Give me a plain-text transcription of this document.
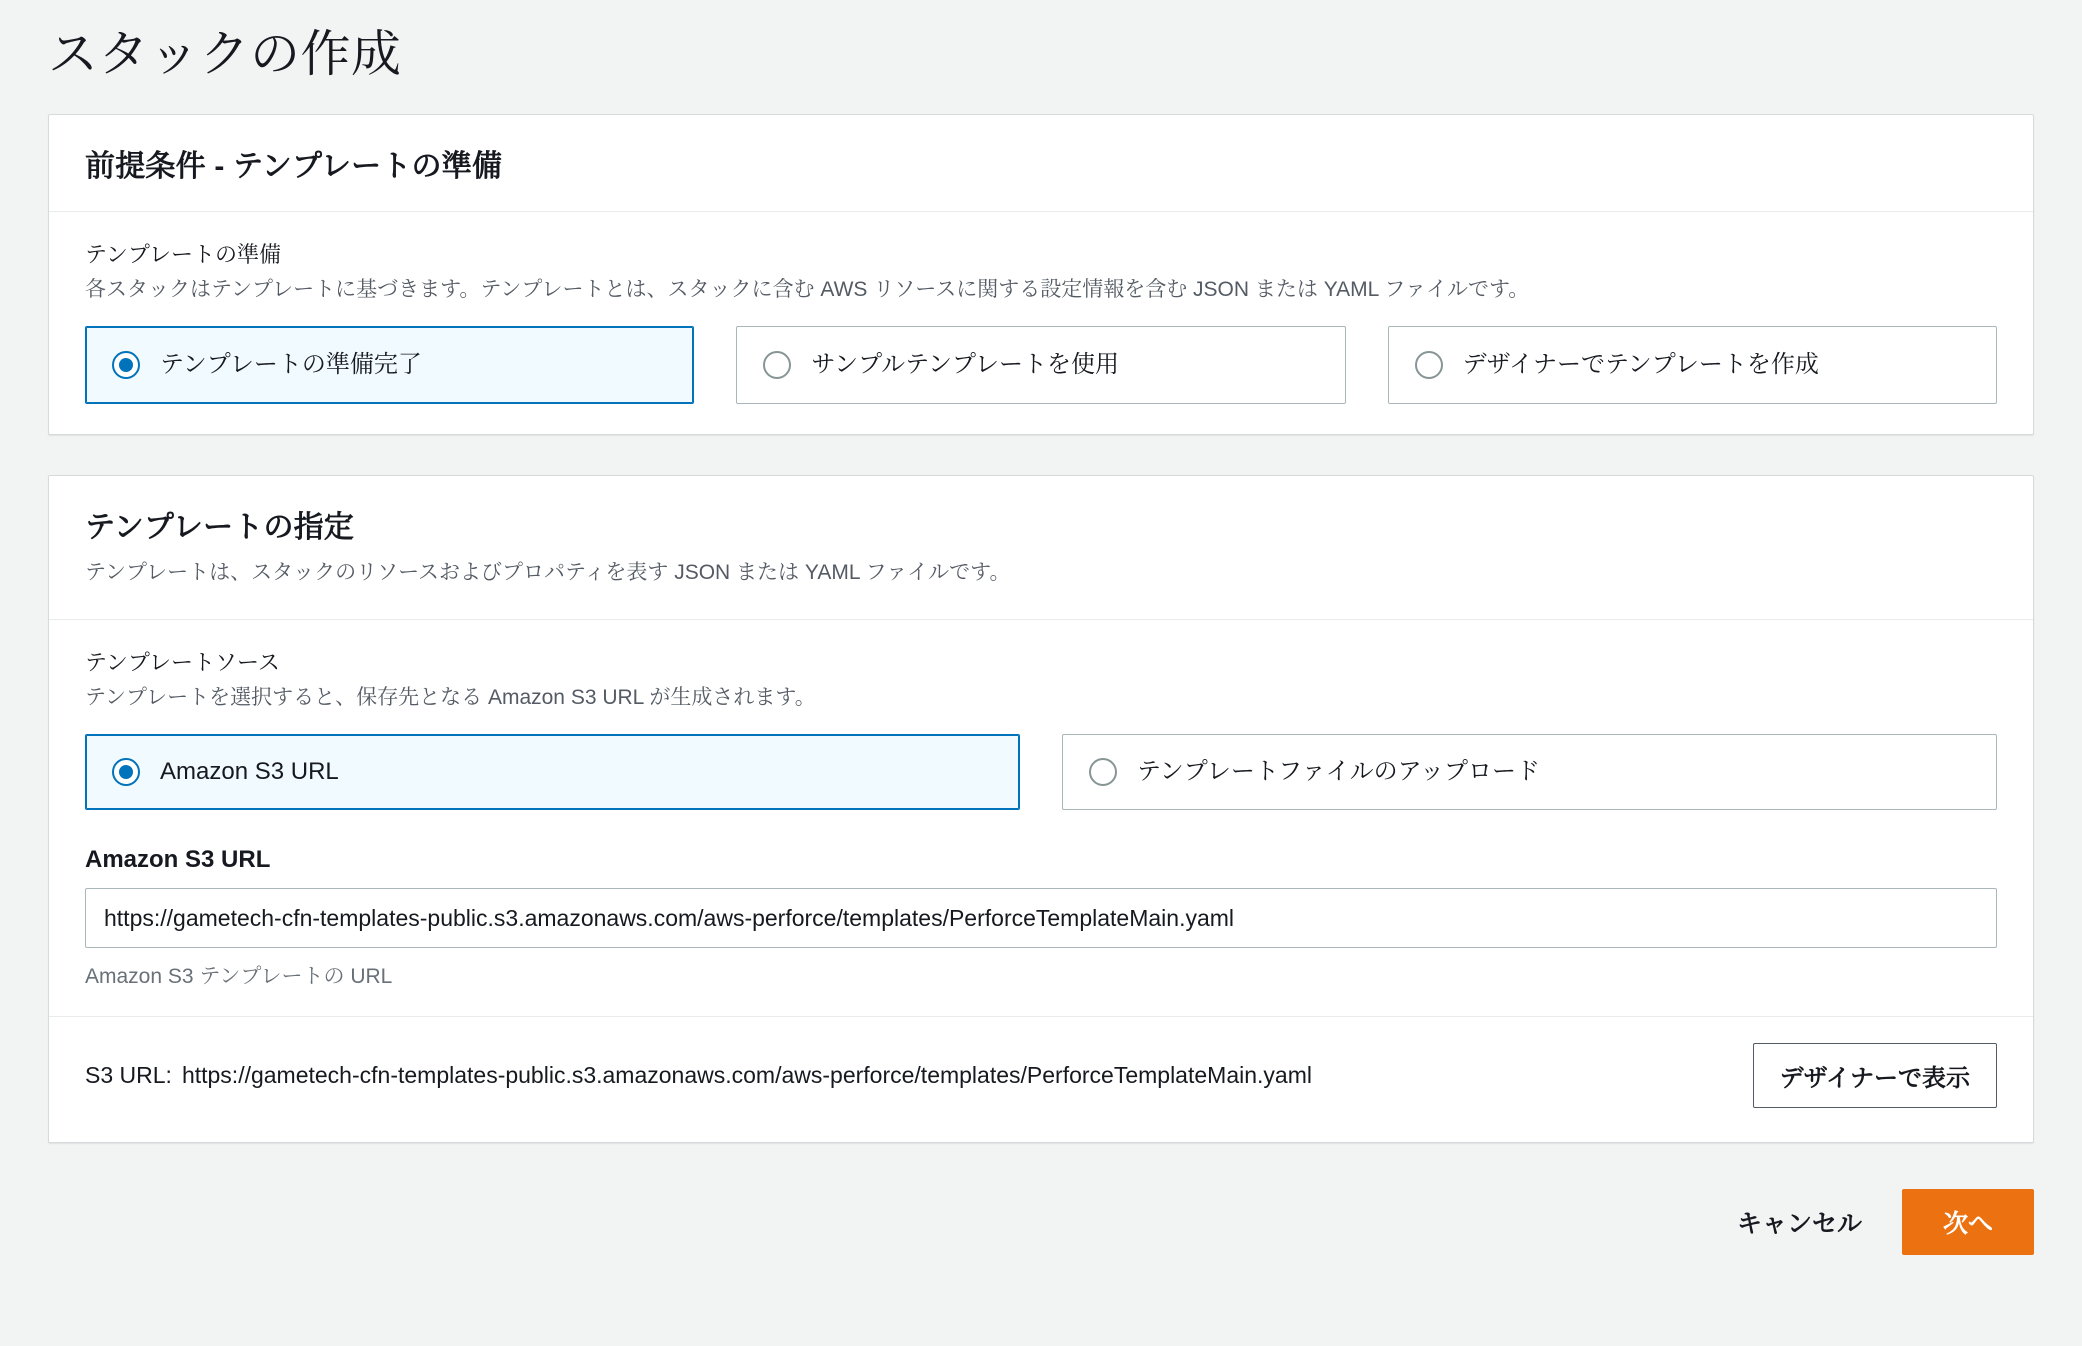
スタックの作成
前提条件 - テンプレートの準備

テンプレートの準備

各スタックはテンプレートに基づきます。テンプレートとは、スタックに含む AWS リソースに関する設定情報を含む JSON または YAML ファイルです。

テンプレートの準備完了	サンプルテンプレートを使用	デザイナーでテンプレートを作成
テンプレートの指定

テンプレートは、スタックのリソースおよびプロパティを表す JSON または YAML ファイルです。

テンプレートソース

テンプレートを選択すると、保存先となる Amazon S3 URL が生成されます。

Amazon S3 URL	テンプレートファイルのアップロード

Amazon S3 URL

https://gametech-cfn-templates-public.s3.amazonaws.com/aws-perforce/templates/PerforceTemplateMain.yaml

Amazon S3 テンプレートの URL

S3 URL: https://gametech-cfn-templates-public.s3.amazonaws.com/aws-perforce/templates/PerforceTemplateMain.yaml	デザイナーで表示
キャンセル	次へ
